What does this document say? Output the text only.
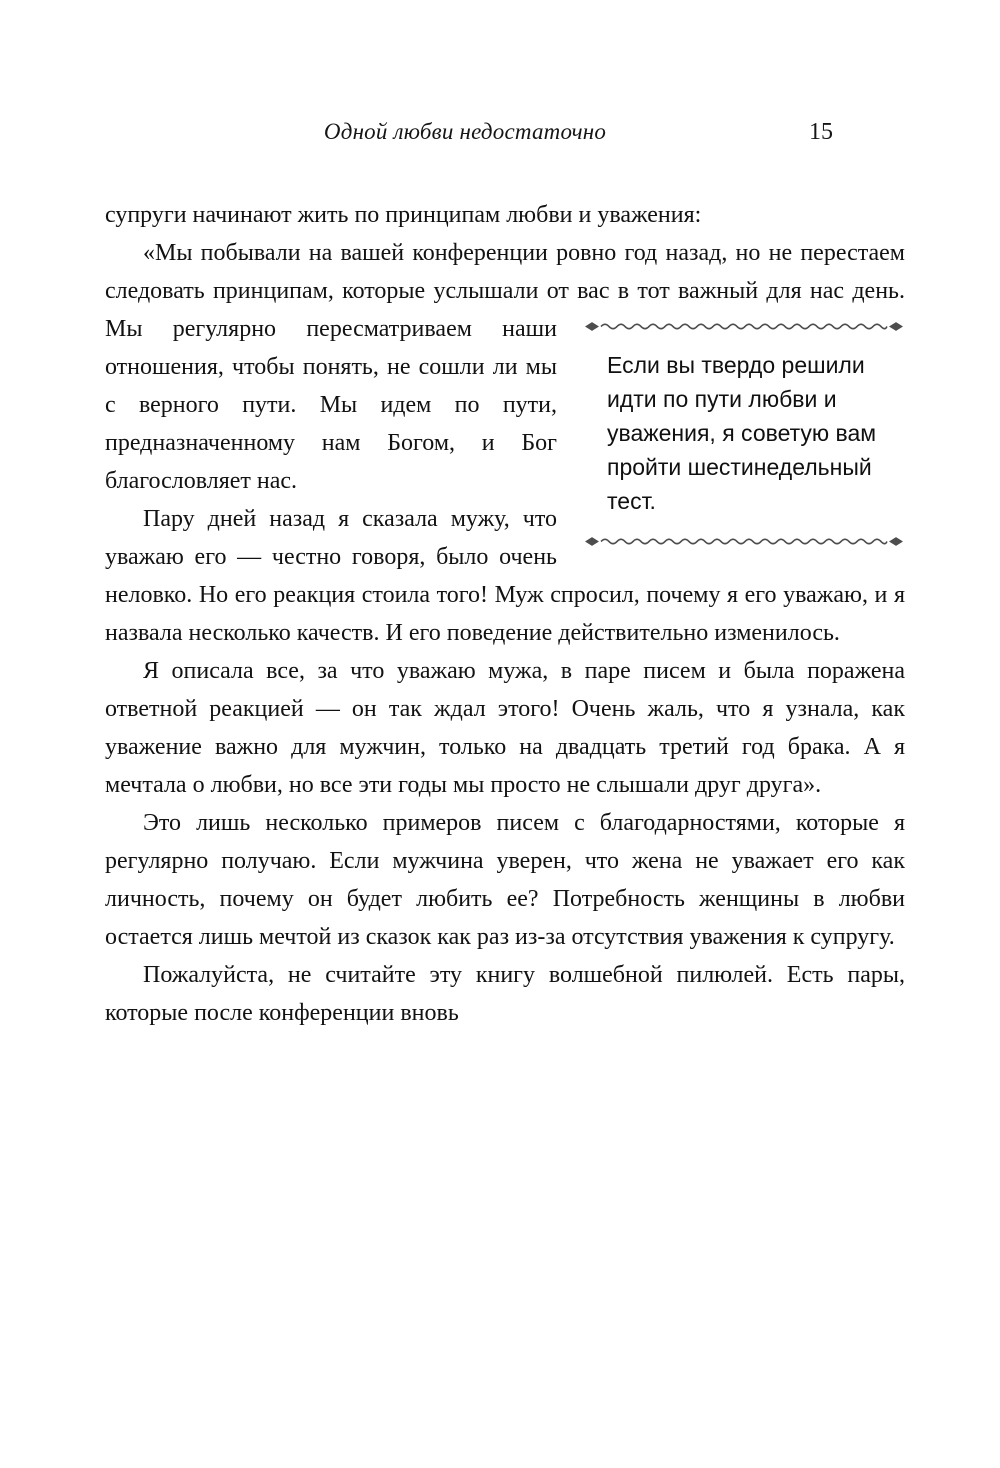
Одной любви недостаточно	15
супруги начинают жить по принципам любви и уважения:
«Мы побывали на вашей конференции ровно год назад, но не перестаем следовать принципам, которые услышали от вас в тот важный для нас день.
Если вы твердо решили идти по пути любви и уважения, я советую вам пройти шестинедельный тест.
Мы регулярно пересматриваем наши отношения, чтобы понять, не сошли ли мы с верного пути. Мы идем по пути, предназначенному нам Богом, и Бог благословляет нас.
Пару дней назад я сказала мужу, что уважаю его — честно говоря, было очень неловко. Но его реакция стоила того! Муж спросил, почему я его уважаю, и я назвала несколько качеств. И его поведение действительно изменилось.
Я описала все, за что уважаю мужа, в паре писем и была поражена ответной реакцией — он так ждал этого! Очень жаль, что я узнала, как уважение важно для мужчин, только на двадцать третий год брака. А я мечтала о любви, но все эти годы мы просто не слышали друг друга».
Это лишь несколько примеров писем с благодарностями, которые я регулярно получаю. Если мужчина уверен, что жена не уважает его как личность, почему он будет любить ее? Потребность женщины в любви остается лишь мечтой из сказок как раз из-за отсутствия уважения к супругу.
Пожалуйста, не считайте эту книгу волшебной пилюлей. Есть пары, которые после конференции вновь
